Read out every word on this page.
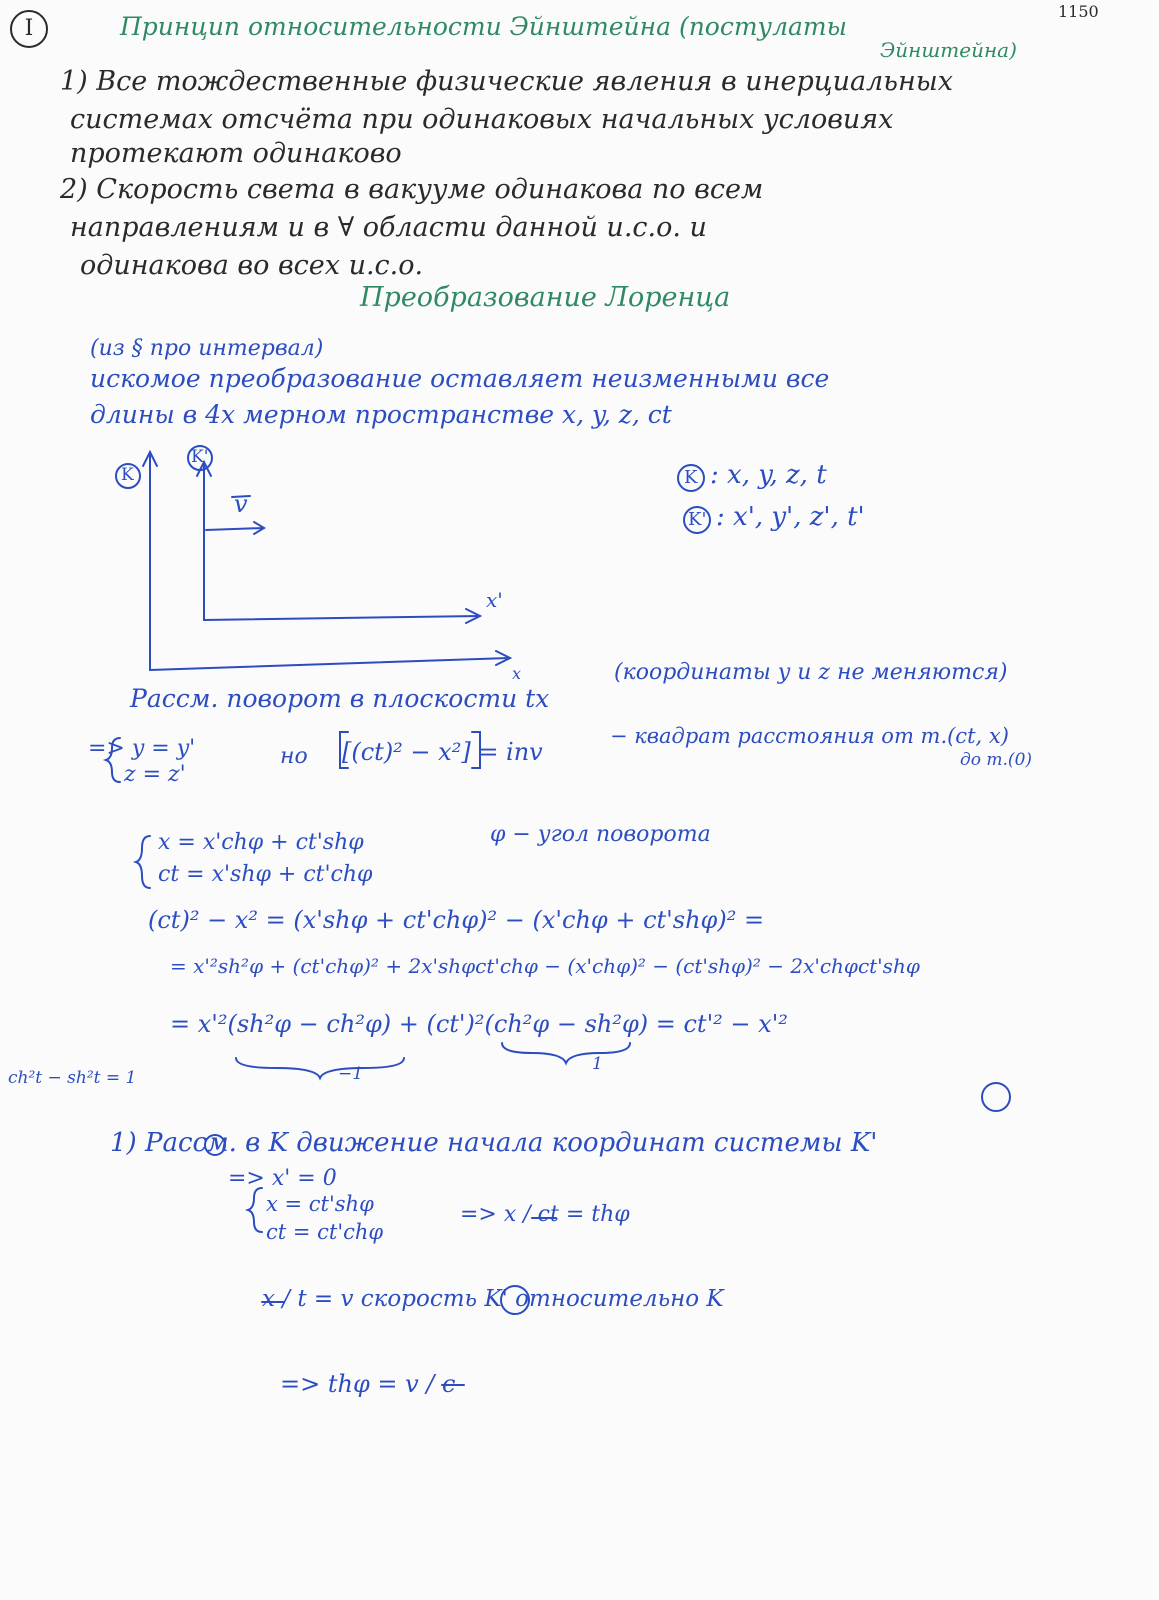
I
1150
Принцип относительности Эйнштейна (постулаты
Эйнштейна)
1) Все тождественные физические явления в инерциальных
системах отсчёта при одинаковых начальных условиях
протекают одинаково
2) Скорость света в вакууме одинакова по всем
направлениям и в ∀ области данной и.с.о. и
одинакова во всех и.с.о.
Преобразование Лоренца
(из § про интервал)
искомое преобразование оставляет неизменными все
длины в 4х мерном пространстве x, y, z, ct
K
K'
v
x'
x
K : x, y, z, t
K' : x', y', z', t'
Рассм. поворот в плоскости tx
(координаты y и z не меняются)
=> y = y'
z = z'
но [(ct)² − x²] = inv
− квадрат расстояния от т.(ct, x)
до т.(0)
x = x'chφ + ct'shφ
ct = x'shφ + ct'chφ
φ − угол поворота
(ct)² − x² = (x'shφ + ct'chφ)² − (x'chφ + ct'shφ)² =
= x'²sh²φ + (ct'chφ)² + 2x'shφct'chφ − (x'chφ)² − (ct'shφ)² − 2x'chφct'shφ
= x'²(sh²φ − ch²φ) + (ct')²(ch²φ − sh²φ) = ct'² − x'²
−1	1
ch²t − sh²t = 1
1) Рассм. в K движение начала координат системы K'
=> x' = 0
x = ct'shφ
ct = ct'chφ
=> x / ct = thφ
x / t = v скорость K' относительно K
=> thφ = v / c
